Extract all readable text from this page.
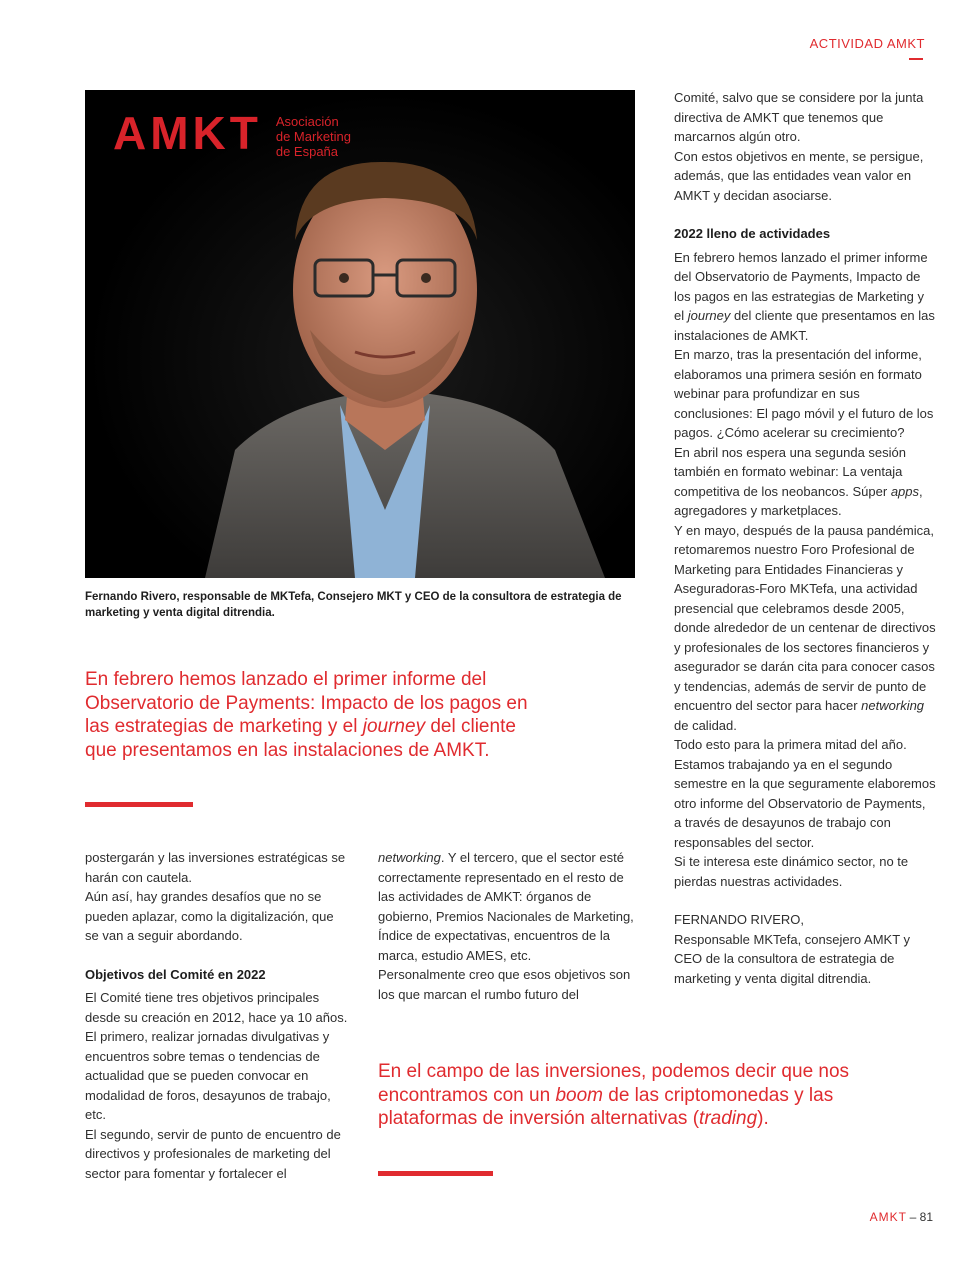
ACTIVIDAD AMKT
AMKT Asociación
de Marketing
de España
Fernando Rivero, responsable de MKTefa, Consejero MKT y CEO de la consultora de estrategia de marketing y venta digital ditrendia.
En febrero hemos lanzado el primer informe del Observatorio de Payments: Impacto de los pagos en las estrategias de marketing y el journey del cliente que presentamos en las instalaciones de AMKT.

postergarán y las inversiones estratégicas se harán con cautela.

Aún así, hay grandes desafíos que no se pueden aplazar, como la digitalización, que se van a seguir abordando.

Objetivos del Comité en 2022

El Comité tiene tres objetivos principales desde su creación en 2012, hace ya 10 años. El primero, realizar jornadas divulgativas y encuentros sobre temas o tendencias de actualidad que se pueden convocar en modalidad de foros, desayunos de trabajo, etc.

El segundo, servir de punto de encuentro de directivos y profesionales de marketing del sector para fomentar y fortalecer el

networking. Y el tercero, que el sector esté correctamente representado en el resto de las actividades de AMKT: órganos de gobierno, Premios Nacionales de Marketing, Índice de expectativas, encuentros de la marca, estudio AMES, etc.

Personalmente creo que esos objetivos son los que marcan el rumbo futuro del

En el campo de las inversiones, podemos decir que nos encontramos con un boom de las criptomonedas y las plataformas de inversión alternativas (trading).

Comité, salvo que se considere por la junta directiva de AMKT que tenemos que marcarnos algún otro.

Con estos objetivos en mente, se persigue, además, que las entidades vean valor en AMKT y decidan asociarse.

2022 lleno de actividades

En febrero hemos lanzado el primer informe del Observatorio de Payments, Impacto de los pagos en las estrategias de Marketing y el journey del cliente que presentamos en las instalaciones de AMKT.

En marzo, tras la presentación del informe, elaboramos una primera sesión en formato webinar para profundizar en sus conclusiones: El pago móvil y el futuro de los pagos. ¿Cómo acelerar su crecimiento?

En abril nos espera una segunda sesión también en formato webinar: La ventaja competitiva de los neobancos. Súper apps, agregadores y marketplaces.

Y en mayo, después de la pausa pandémica, retomaremos nuestro Foro Profesional de Marketing para Entidades Financieras y Aseguradoras-Foro MKTefa, una actividad presencial que celebramos desde 2005, donde alrededor de un centenar de directivos y profesionales de los sectores financieros y asegurador se darán cita para conocer casos y tendencias, además de servir de punto de encuentro del sector para hacer networking de calidad.

Todo esto para la primera mitad del año. Estamos trabajando ya en el segundo semestre en la que seguramente elaboremos otro informe del Observatorio de Payments, a través de desayunos de trabajo con responsables del sector.

Si te interesa este dinámico sector, no te pierdas nuestras actividades.

FERNANDO RIVERO,

Responsable MKTefa, consejero AMKT y CEO de la consultora de estrategia de marketing y venta digital ditrendia.

AMKT – 81
